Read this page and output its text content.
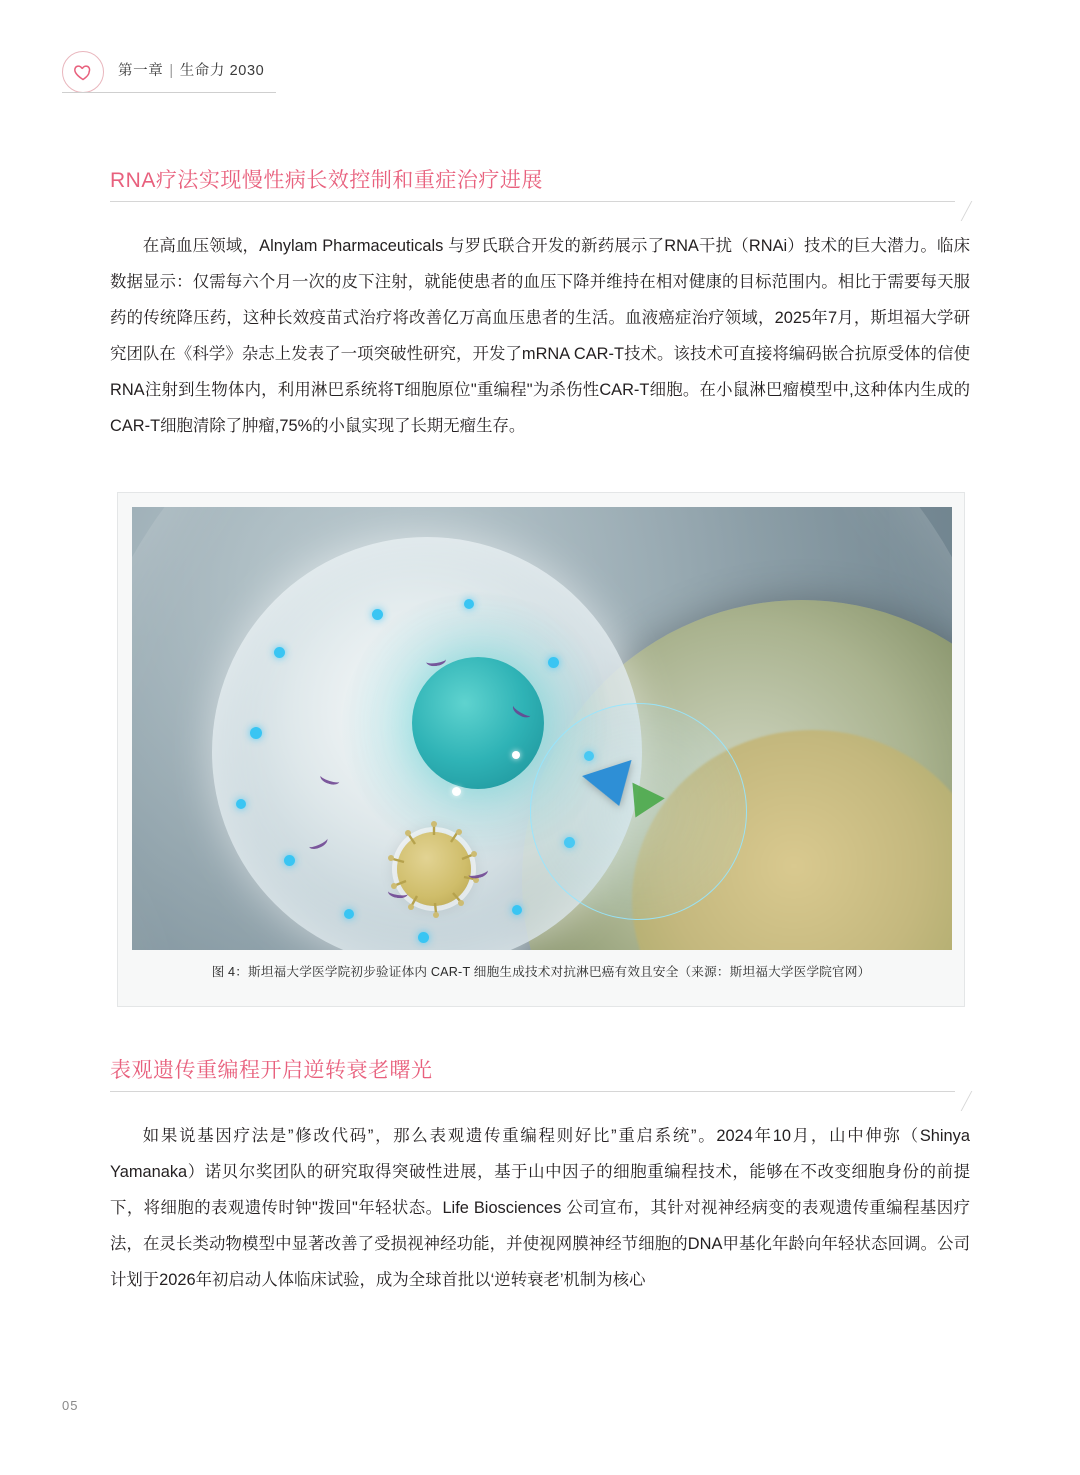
第一章 | 生命力 2030
RNA疗法实现慢性病长效控制和重症治疗进展
在高血压领域，Alnylam Pharmaceuticals 与罗氏联合开发的新药展示了RNA干扰（RNAi）技术的巨大潜力。临床数据显示：仅需每六个月一次的皮下注射，就能使患者的血压下降并维持在相对健康的目标范围内。相比于需要每天服药的传统降压药，这种长效疫苗式治疗将改善亿万高血压患者的生活。血液癌症治疗领域，2025年7月，斯坦福大学研究团队在《科学》杂志上发表了一项突破性研究，开发了mRNA CAR-T技术。该技术可直接将编码嵌合抗原受体的信使RNA注射到生物体内，利用淋巴系统将T细胞原位"重编程"为杀伤性CAR-T细胞。在小鼠淋巴瘤模型中,这种体内生成的CAR-T细胞清除了肿瘤,75%的小鼠实现了长期无瘤生存。
图 4：斯坦福大学医学院初步验证体内 CAR-T 细胞生成技术对抗淋巴癌有效且安全（来源：斯坦福大学医学院官网）
表观遗传重编程开启逆转衰老曙光
如果说基因疗法是”修改代码”，那么表观遗传重编程则好比”重启系统”。2024年10月，山中伸弥（Shinya Yamanaka）诺贝尔奖团队的研究取得突破性进展，基于山中因子的细胞重编程技术，能够在不改变细胞身份的前提下，将细胞的表观遗传时钟"拨回"年轻状态。Life Biosciences 公司宣布，其针对视神经病变的表观遗传重编程基因疗法，在灵长类动物模型中显著改善了受损视神经功能，并使视网膜神经节细胞的DNA甲基化年龄向年轻状态回调。公司计划于2026年初启动人体临床试验，成为全球首批以‘逆转衰老’机制为核心
05
